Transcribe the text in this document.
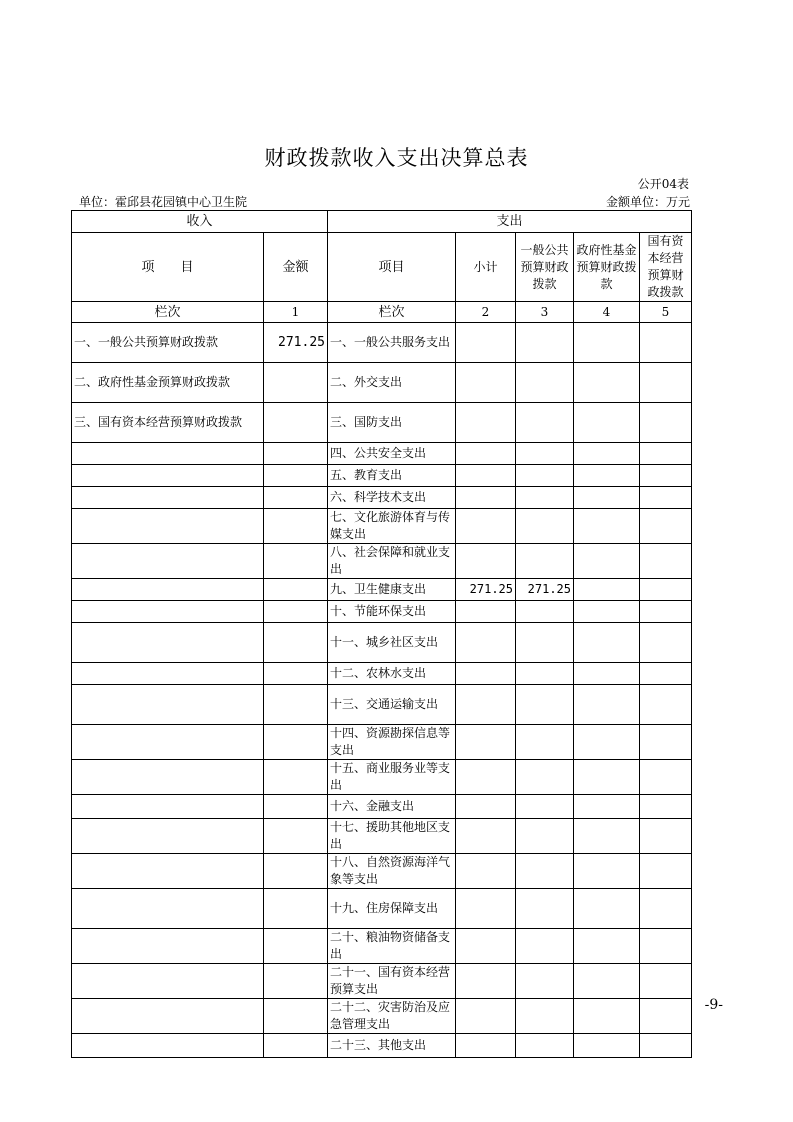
财政拨款收入支出决算总表
公开04表
单位：霍邱县花园镇中心卫生院	金额单位：万元
收入		支出				
项　　目	金额	项目	小计	一般公共预算财政拨款	政府性基金预算财政拨款	国有资本经营预算财政拨款
栏次	1	栏次	2	3	4	5
一、一般公共预算财政拨款	271.25	一、一般公共服务支出				
二、政府性基金预算财政拨款		二、外交支出				
三、国有资本经营预算财政拨款		三、国防支出				
		四、公共安全支出				
		五、教育支出				
		六、科学技术支出				
		七、文化旅游体育与传媒支出				
		八、社会保障和就业支出				
		九、卫生健康支出	271.25	271.25		
		十、节能环保支出				
		十一、城乡社区支出				
		十二、农林水支出				
		十三、交通运输支出				
		十四、资源勘探信息等支出				
		十五、商业服务业等支出				
		十六、金融支出				
		十七、援助其他地区支出				
		十八、自然资源海洋气象等支出				
		十九、住房保障支出				
		二十、粮油物资储备支出				
		二十一、国有资本经营预算支出				
		二十二、灾害防治及应急管理支出				
		二十三、其他支出				
-9-
